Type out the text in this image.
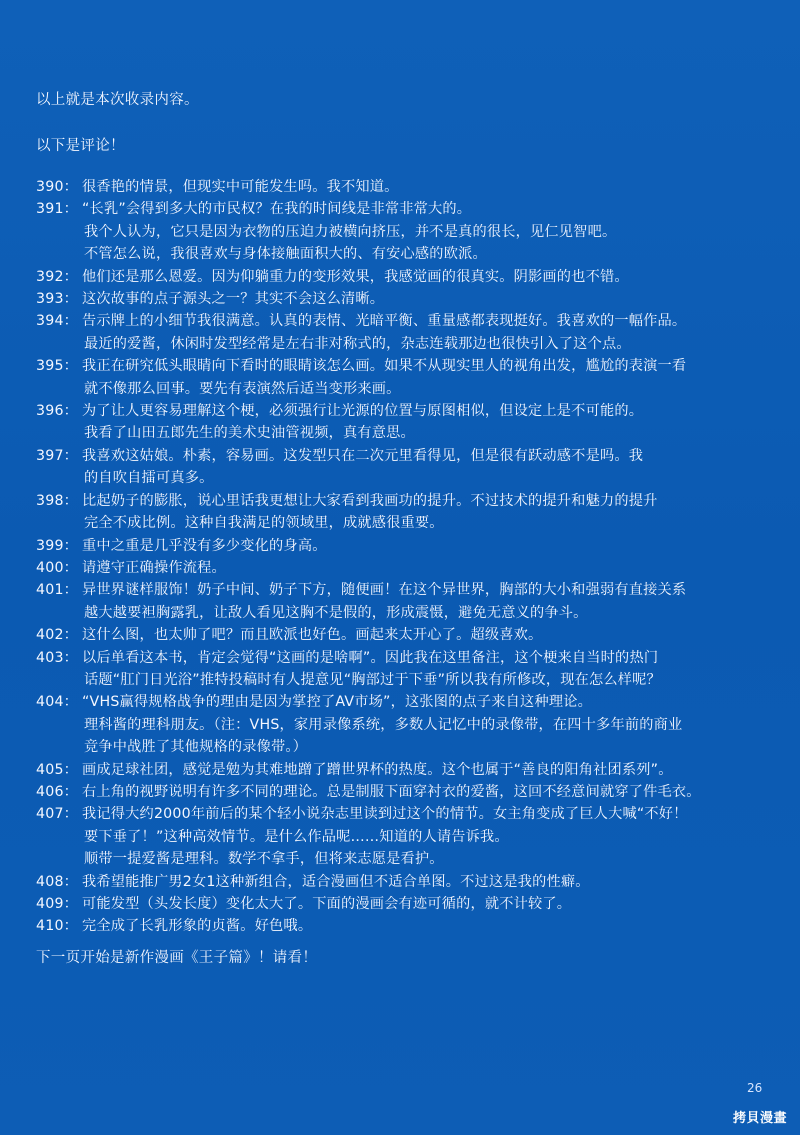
以上就是本次收录内容。
以下是评论！
390： 很香艳的情景，但现实中可能发生吗。我不知道。
391： “长乳”会得到多大的市民权？在我的时间线是非常非常大的。
我个人认为，它只是因为衣物的压迫力被横向挤压，并不是真的很长，见仁见智吧。
不管怎么说，我很喜欢与身体接触面积大的、有安心感的欧派。
392： 他们还是那么恩爱。因为仰躺重力的变形效果，我感觉画的很真实。阴影画的也不错。
393： 这次故事的点子源头之一？其实不会这么清晰。
394： 告示牌上的小细节我很满意。认真的表情、光暗平衡、重量感都表现挺好。我喜欢的一幅作品。
最近的爱酱，休闲时发型经常是左右非对称式的，杂志连载那边也很快引入了这个点。
395： 我正在研究低头眼睛向下看时的眼睛该怎么画。如果不从现实里人的视角出发，尴尬的表演一看
就不像那么回事。要先有表演然后适当变形来画。
396： 为了让人更容易理解这个梗，必须强行让光源的位置与原图相似，但设定上是不可能的。
我看了山田五郎先生的美术史油管视频，真有意思。
397： 我喜欢这姑娘。朴素，容易画。这发型只在二次元里看得见，但是很有跃动感不是吗。我
的自吹自擂可真多。
398： 比起奶子的膨胀，说心里话我更想让大家看到我画功的提升。不过技术的提升和魅力的提升
完全不成比例。这种自我满足的领域里，成就感很重要。
399： 重中之重是几乎没有多少变化的身高。
400： 请遵守正确操作流程。
401： 异世界谜样服饰！奶子中间、奶子下方，随便画！在这个异世界，胸部的大小和强弱有直接关系
越大越要袒胸露乳，让敌人看见这胸不是假的，形成震慑，避免无意义的争斗。
402： 这什么图，也太帅了吧？而且欧派也好色。画起来太开心了。超级喜欢。
403： 以后单看这本书，肯定会觉得“这画的是啥啊”。因此我在这里备注，这个梗来自当时的热门
话题“肛门日光浴”推特投稿时有人提意见“胸部过于下垂”所以我有所修改，现在怎么样呢？
404： “VHS赢得规格战争的理由是因为掌控了AV市场”，这张图的点子来自这种理论。
理科酱的理科朋友。（注：VHS，家用录像系统，多数人记忆中的录像带，在四十多年前的商业
竞争中战胜了其他规格的录像带。）
405： 画成足球社团，感觉是勉为其难地蹭了蹭世界杯的热度。这个也属于“善良的阳角社团系列”。
406： 右上角的视野说明有许多不同的理论。总是制服下面穿衬衣的爱酱，这回不经意间就穿了件毛衣。
407： 我记得大约2000年前后的某个轻小说杂志里读到过这个的情节。女主角变成了巨人大喊“不好！
要下垂了！”这种高效情节。是什么作品呢……知道的人请告诉我。
顺带一提爱酱是理科。数学不拿手，但将来志愿是看护。
408： 我希望能推广男2女1这种新组合，适合漫画但不适合单图。不过这是我的性癖。
409： 可能发型（头发长度）变化太大了。下面的漫画会有迹可循的，就不计较了。
410： 完全成了长乳形象的贞酱。好色哦。
下一页开始是新作漫画《王子篇》！请看！
26
拷貝漫畫
